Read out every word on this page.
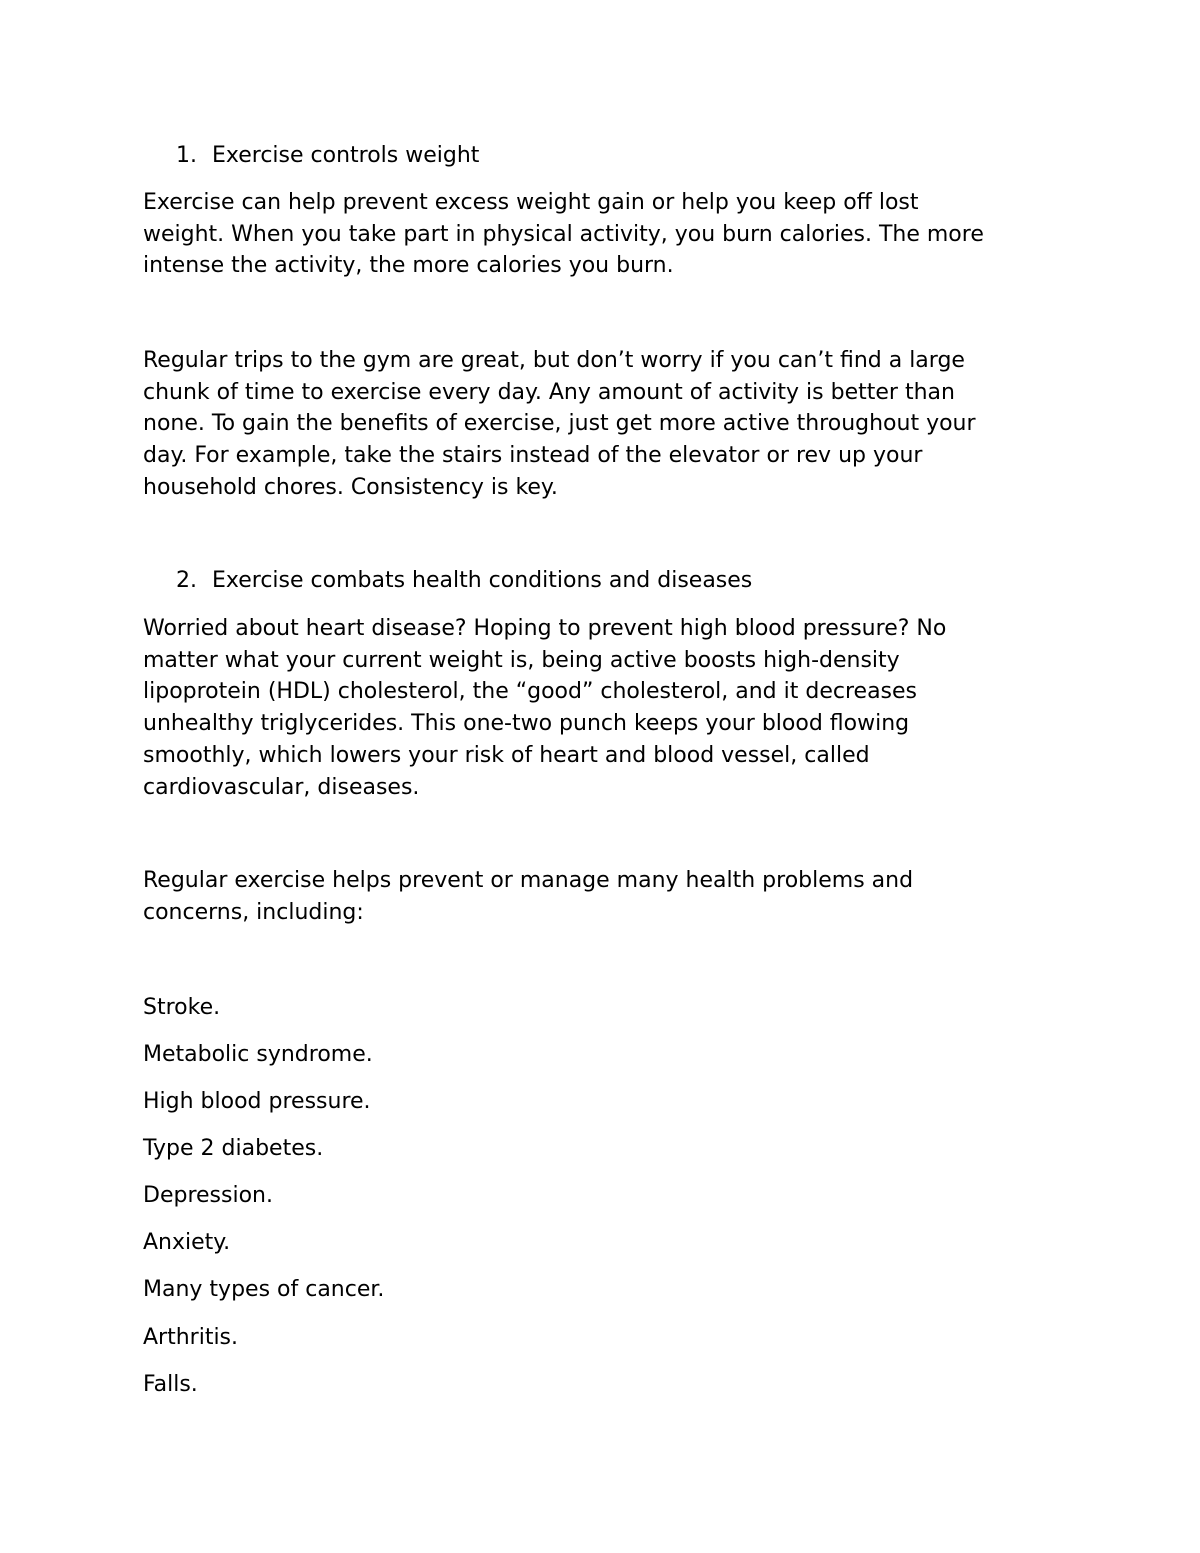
1. Exercise controls weight

Exercise can help prevent excess weight gain or help you keep off lost
weight. When you take part in physical activity, you burn calories. The more
intense the activity, the more calories you burn.
Regular trips to the gym are great, but don’t worry if you can’t find a large
chunk of time to exercise every day. Any amount of activity is better than
none. To gain the benefits of exercise, just get more active throughout your
day. For example, take the stairs instead of the elevator or rev up your
household chores. Consistency is key.

2. Exercise combats health conditions and diseases

Worried about heart disease? Hoping to prevent high blood pressure? No
matter what your current weight is, being active boosts high-density
lipoprotein (HDL) cholesterol, the “good” cholesterol, and it decreases
unhealthy triglycerides. This one-two punch keeps your blood flowing
smoothly, which lowers your risk of heart and blood vessel, called
cardiovascular, diseases.
Regular exercise helps prevent or manage many health problems and
concerns, including:

Stroke.

Metabolic syndrome.

High blood pressure.

Type 2 diabetes.

Depression.

Anxiety.

Many types of cancer.

Arthritis.

Falls.
